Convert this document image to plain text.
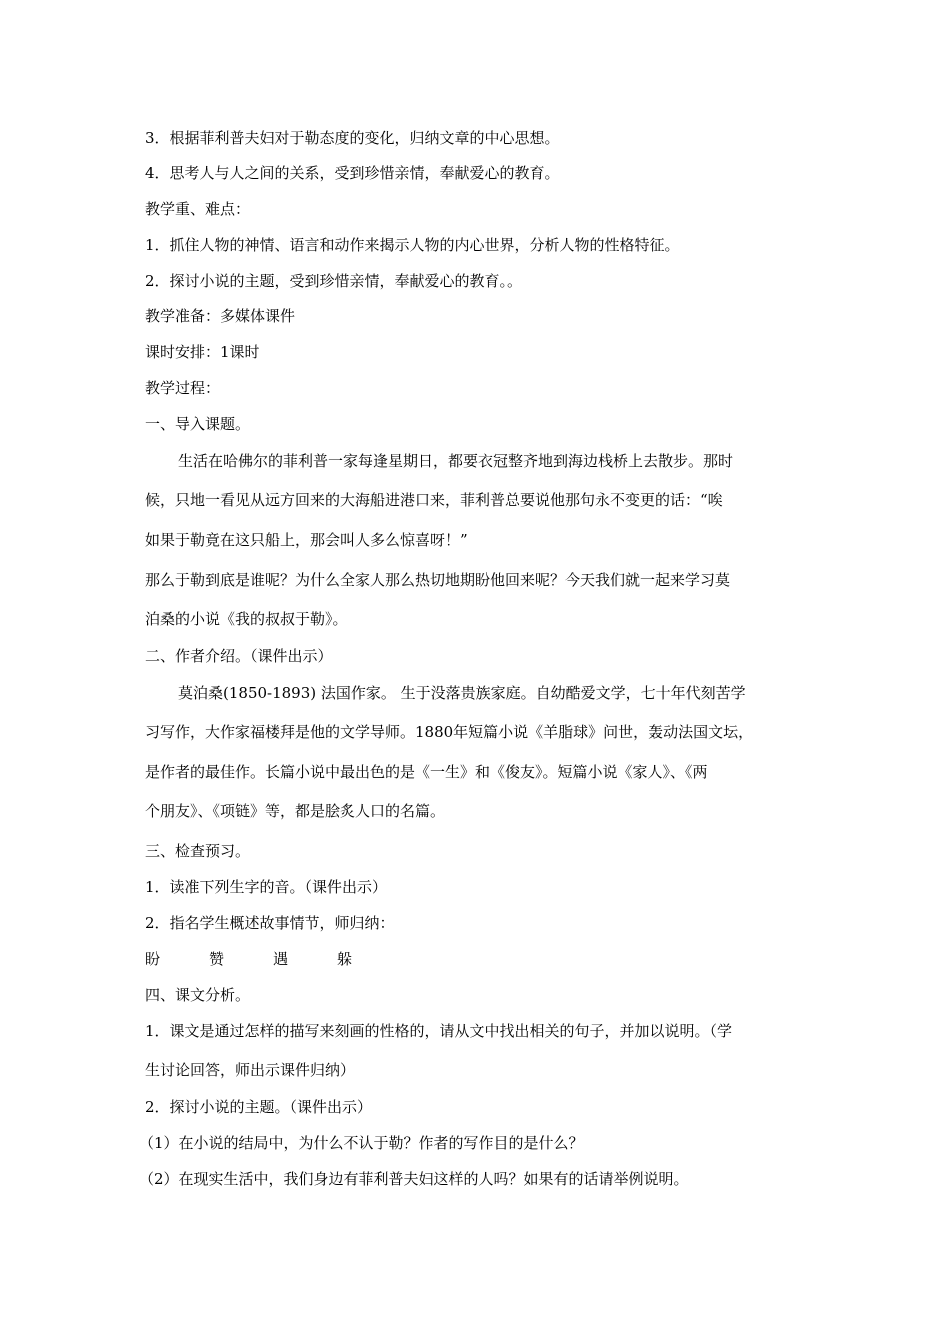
3．根据菲利普夫妇对于勒态度的变化，归纳文章的中心思想。
4．思考人与人之间的关系，受到珍惜亲情，奉献爱心的教育。
教学重、难点：
1．抓住人物的神情、语言和动作来揭示人物的内心世界，分析人物的性格特征。
2．探讨小说的主题，受到珍惜亲情，奉献爱心的教育。。
教学准备：多媒体课件
课时安排：1课时
教学过程：
一、导入课题。
生活在哈佛尔的菲利普一家每逢星期日，都要衣冠整齐地到海边栈桥上去散步。那时
候，只地一看见从远方回来的大海船进港口来，菲利普总要说他那句永不变更的话：“唉
如果于勒竟在这只船上，那会叫人多么惊喜呀！”
那么于勒到底是谁呢？为什么全家人那么热切地期盼他回来呢？今天我们就一起来学习莫
泊桑的小说《我的叔叔于勒》。
二、作者介绍。（课件出示）
莫泊桑(1850-1893) 法国作家。 生于没落贵族家庭。自幼酷爱文学，七十年代刻苦学
习写作，大作家福楼拜是他的文学导师。1880年短篇小说《羊脂球》问世，轰动法国文坛，
是作者的最佳作。长篇小说中最出色的是《一生》和《俊友》。短篇小说《家人》、《两
个朋友》、《项链》等，都是脍炙人口的名篇。
三、检查预习。
1．读准下列生字的音。（课件出示）
2．指名学生概述故事情节，师归纳：
盼	赞	遇	躲
四、课文分析。
1．课文是通过怎样的描写来刻画的性格的，请从文中找出相关的句子，并加以说明。（学
生讨论回答，师出示课件归纳）
2．探讨小说的主题。（课件出示）
（1）在小说的结局中，为什么不认于勒？作者的写作目的是什么？
（2）在现实生活中，我们身边有菲利普夫妇这样的人吗？如果有的话请举例说明。
